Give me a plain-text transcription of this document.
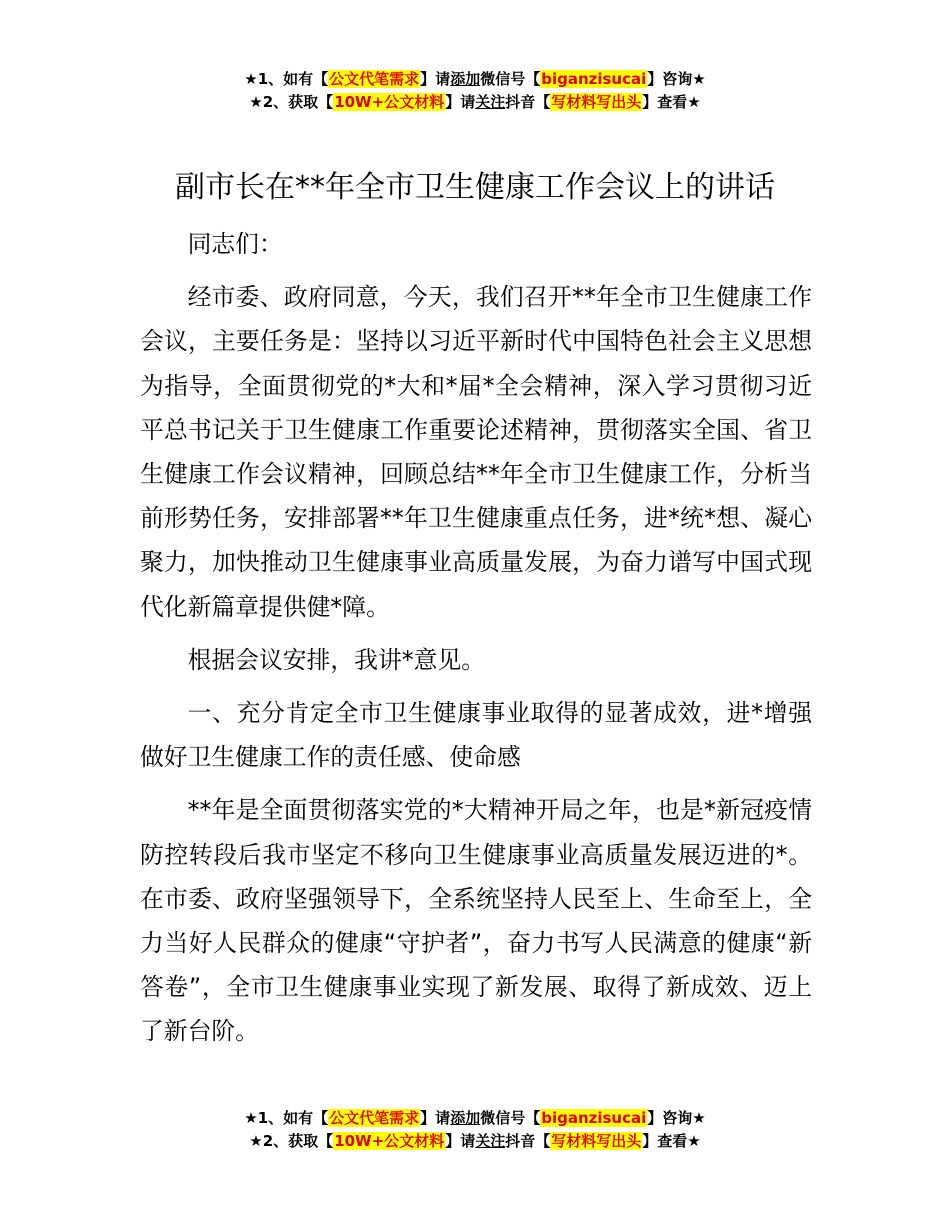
★1、如有【公文代笔需求】请添加微信号【biganzisucai】咨询★
★2、获取【10W+公文材料】请关注抖音【写材料写出头】查看★
副市长在**年全市卫生健康工作会议上的讲话

同志们：

经市委、政府同意，今天，我们召开**年全市卫生健康工作会议，主要任务是：坚持以习近平新时代中国特色社会主义思想为指导，全面贯彻党的*大和*届*全会精神，深入学习贯彻习近平总书记关于卫生健康工作重要论述精神，贯彻落实全国、省卫生健康工作会议精神，回顾总结**年全市卫生健康工作，分析当前形势任务，安排部署**年卫生健康重点任务，进*统*想、凝心聚力，加快推动卫生健康事业高质量发展，为奋力谱写中国式现代化新篇章提供健*障。

根据会议安排，我讲*意见。

一、充分肯定全市卫生健康事业取得的显著成效，进*增强做好卫生健康工作的责任感、使命感

**年是全面贯彻落实党的*大精神开局之年，也是*新冠疫情防控转段后我市坚定不移向卫生健康事业高质量发展迈进的*。在市委、政府坚强领导下，全系统坚持人民至上、生命至上，全力当好人民群众的健康“守护者”，奋力书写人民满意的健康“新答卷”，全市卫生健康事业实现了新发展、取得了新成效、迈上了新台阶。

★1、如有【公文代笔需求】请添加微信号【biganzisucai】咨询★
★2、获取【10W+公文材料】请关注抖音【写材料写出头】查看★
